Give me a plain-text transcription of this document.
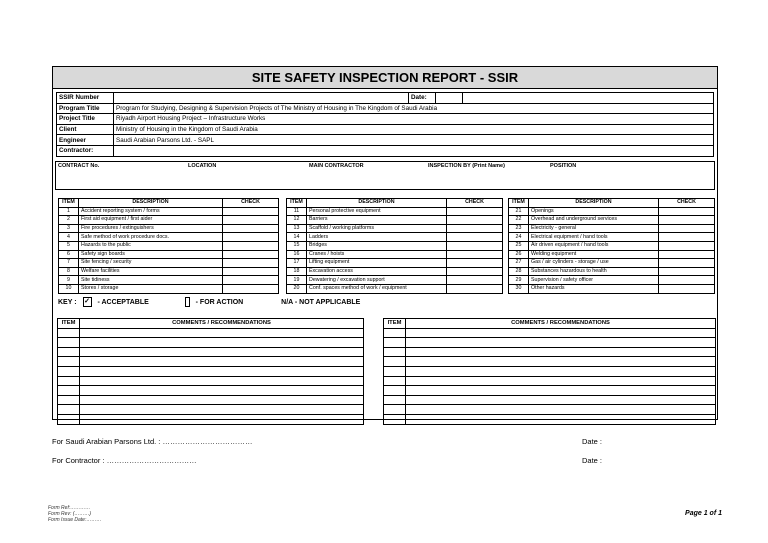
SITE SAFETY INSPECTION REPORT - SSIR
SSIR Number		Date:		
Program Title	Program for Studying, Designing & Supervision Projects of The Ministry of Housing in The Kingdom of Saudi Arabia			
Project Title	Riyadh Airport Housing Project – Infrastructure Works			
Client	Ministry of Housing in the Kingdom of Saudi Arabia			
Engineer	Saudi Arabian Parsons Ltd. - SAPL			
Contractor:				
CONTRACT No.	LOCATION	MAIN CONTRACTOR	INSPECTION BY (Print Name)	POSITION
ITEM	DESCRIPTION	CHECK
1	Accident reporting system / forms	
2	First aid equipment / first aider	
3	Fire procedures / extinguishers	
4	Safe method of work procedure docs.	
5	Hazards to the public	
6	Safety sign boards	
7	Site fencing / security	
8	Welfare facilities	
9	Site tidiness	
10	Stores / storage	
ITEM	DESCRIPTION	CHECK
11	Personal protective equipment	
12	Barriers	
13	Scaffold / working platforms	
14	Ladders	
15	Bridges	
16	Cranes / hoists	
17	Lifting equipment	
18	Excavation access	
19	Dewatering / excavation support	
20	Conf. spaces method of work / equipment	
ITEM	DESCRIPTION	CHECK
21	Openings	
22	Overhead and underground services	
23	Electricity - general	
24	Electrical equipment / hand tools	
25	Air driven equipment / hand tools	
26	Welding equipment	
27	Gas / air cylinders - storage / use	
28	Substances hazardous to health	
29	Supervision / safety officer	
30	Other hazards	
KEY : ✓ - ACCEPTABLE	- FOR ACTION	N/A - NOT APPLICABLE
ITEM	COMMENTS / RECOMMENDATIONS

		ITEM	COMMENTS / RECOMMENDATIONS

For Saudi Arabian Parsons Ltd. : ………………………………	Date :
For Contractor : ………………………………	Date :
Form Ref:…………
Form Rev: (………)
Form Issue Date:………
Page 1 of 1
